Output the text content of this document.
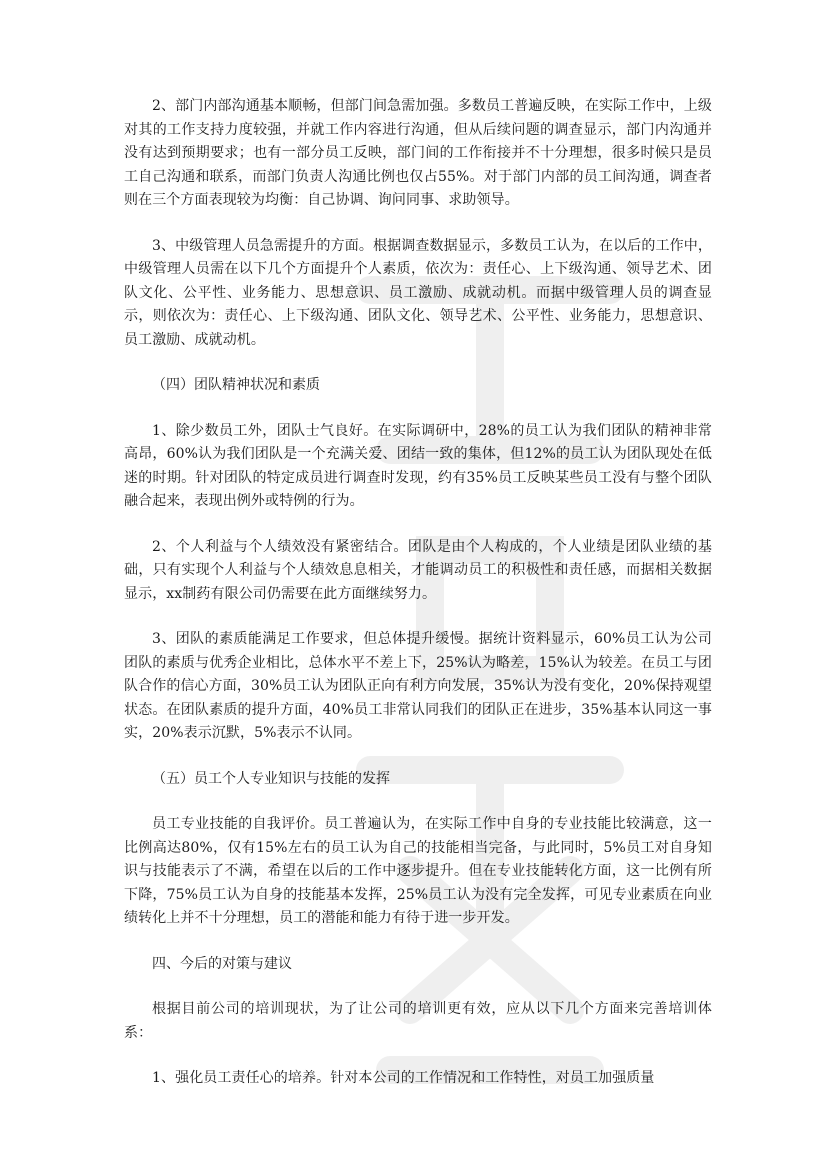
2、部门内部沟通基本顺畅，但部门间急需加强。多数员工普遍反映，在实际工作中，上级对其的工作支持力度较强，并就工作内容进行沟通，但从后续问题的调查显示，部门内沟通并没有达到预期要求；也有一部分员工反映，部门间的工作衔接并不十分理想，很多时候只是员工自己沟通和联系，而部门负责人沟通比例也仅占55%。对于部门内部的员工间沟通，调查者则在三个方面表现较为均衡：自己协调、询问同事、求助领导。

3、中级管理人员急需提升的方面。根据调查数据显示，多数员工认为，在以后的工作中，中级管理人员需在以下几个方面提升个人素质，依次为：责任心、上下级沟通、领导艺术、团队文化、公平性、业务能力、思想意识、员工激励、成就动机。而据中级管理人员的调查显示，则依次为：责任心、上下级沟通、团队文化、领导艺术、公平性、业务能力，思想意识、员工激励、成就动机。

（四）团队精神状况和素质

1、除少数员工外，团队士气良好。在实际调研中，28%的员工认为我们团队的精神非常高昂，60%认为我们团队是一个充满关爱、团结一致的集体，但12%的员工认为团队现处在低迷的时期。针对团队的特定成员进行调查时发现，约有35%员工反映某些员工没有与整个团队融合起来，表现出例外或特例的行为。

2、个人利益与个人绩效没有紧密结合。团队是由个人构成的，个人业绩是团队业绩的基础，只有实现个人利益与个人绩效息息相关，才能调动员工的积极性和责任感，而据相关数据显示，xx制药有限公司仍需要在此方面继续努力。

3、团队的素质能满足工作要求，但总体提升缓慢。据统计资料显示，60%员工认为公司团队的素质与优秀企业相比，总体水平不差上下，25%认为略差，15%认为较差。在员工与团队合作的信心方面，30%员工认为团队正向有利方向发展，35%认为没有变化，20%保持观望状态。在团队素质的提升方面，40%员工非常认同我们的团队正在进步，35%基本认同这一事实，20%表示沉默，5%表示不认同。

（五）员工个人专业知识与技能的发挥

员工专业技能的自我评价。员工普遍认为，在实际工作中自身的专业技能比较满意，这一比例高达80%，仅有15%左右的员工认为自己的技能相当完备，与此同时，5%员工对自身知识与技能表示了不满，希望在以后的工作中逐步提升。但在专业技能转化方面，这一比例有所下降，75%员工认为自身的技能基本发挥，25%员工认为没有完全发挥，可见专业素质在向业绩转化上并不十分理想，员工的潜能和能力有待于进一步开发。

四、今后的对策与建议

根据目前公司的培训现状，为了让公司的培训更有效，应从以下几个方面来完善培训体系：

1、强化员工责任心的培养。针对本公司的工作情况和工作特性，对员工加强质量
